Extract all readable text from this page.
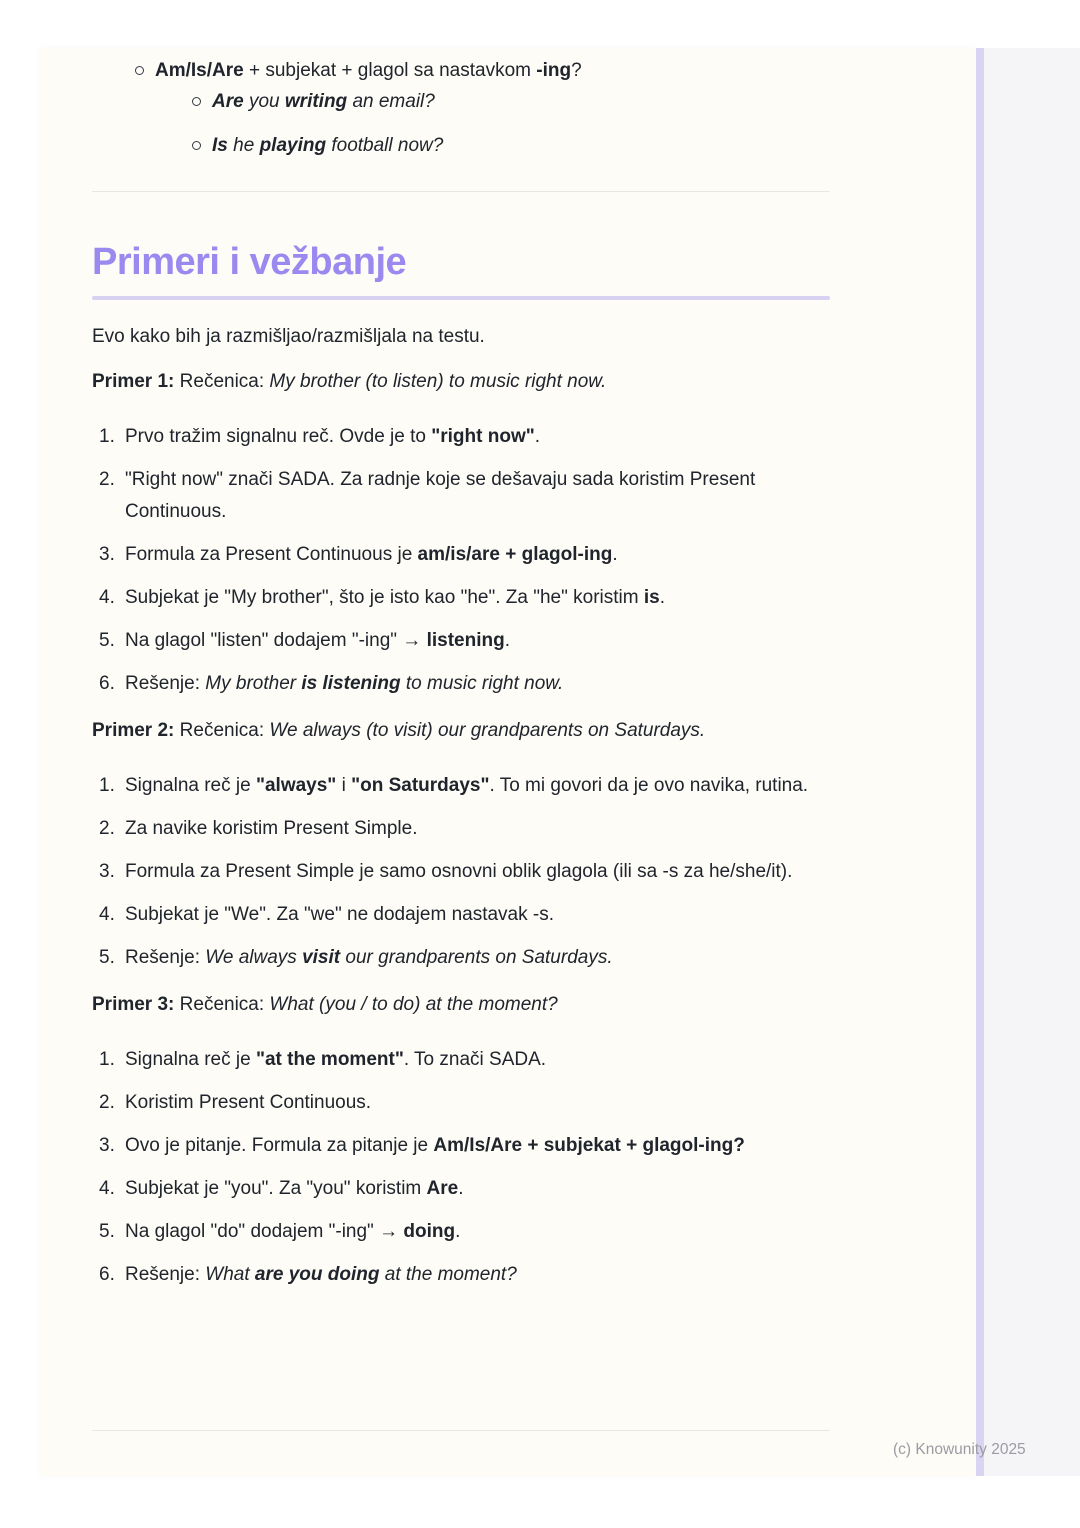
Am/Is/Are + subjekat + glagol sa nastavkom -ing?
Are you writing an email?
Is he playing football now?
Primeri i vežbanje

Evo kako bih ja razmišljao/razmišljala na testu.

Primer 1: Rečenica: My brother (to listen) to music right now.

Prvo tražim signalnu reč. Ovde je to "right now".
"Right now" znači SADA. Za radnje koje se dešavaju sada koristim Present Continuous.
Formula za Present Continuous je am/is/are + glagol-ing.
Subjekat je "My brother", što je isto kao "he". Za "he" koristim is.
Na glagol "listen" dodajem "-ing" → listening.
Rešenje: My brother is listening to music right now.

Primer 2: Rečenica: We always (to visit) our grandparents on Saturdays.

Signalna reč je "always" i "on Saturdays". To mi govori da je ovo navika, rutina.
Za navike koristim Present Simple.
Formula za Present Simple je samo osnovni oblik glagola (ili sa -s za he/she/it).
Subjekat je "We". Za "we" ne dodajem nastavak -s.
Rešenje: We always visit our grandparents on Saturdays.

Primer 3: Rečenica: What (you / to do) at the moment?

Signalna reč je "at the moment". To znači SADA.
Koristim Present Continuous.
Ovo je pitanje. Formula za pitanje je Am/Is/Are + subjekat + glagol-ing?
Subjekat je "you". Za "you" koristim Are.
Na glagol "do" dodajem "-ing" → doing.
Rešenje: What are you doing at the moment?
(c) Knowunity 2025
